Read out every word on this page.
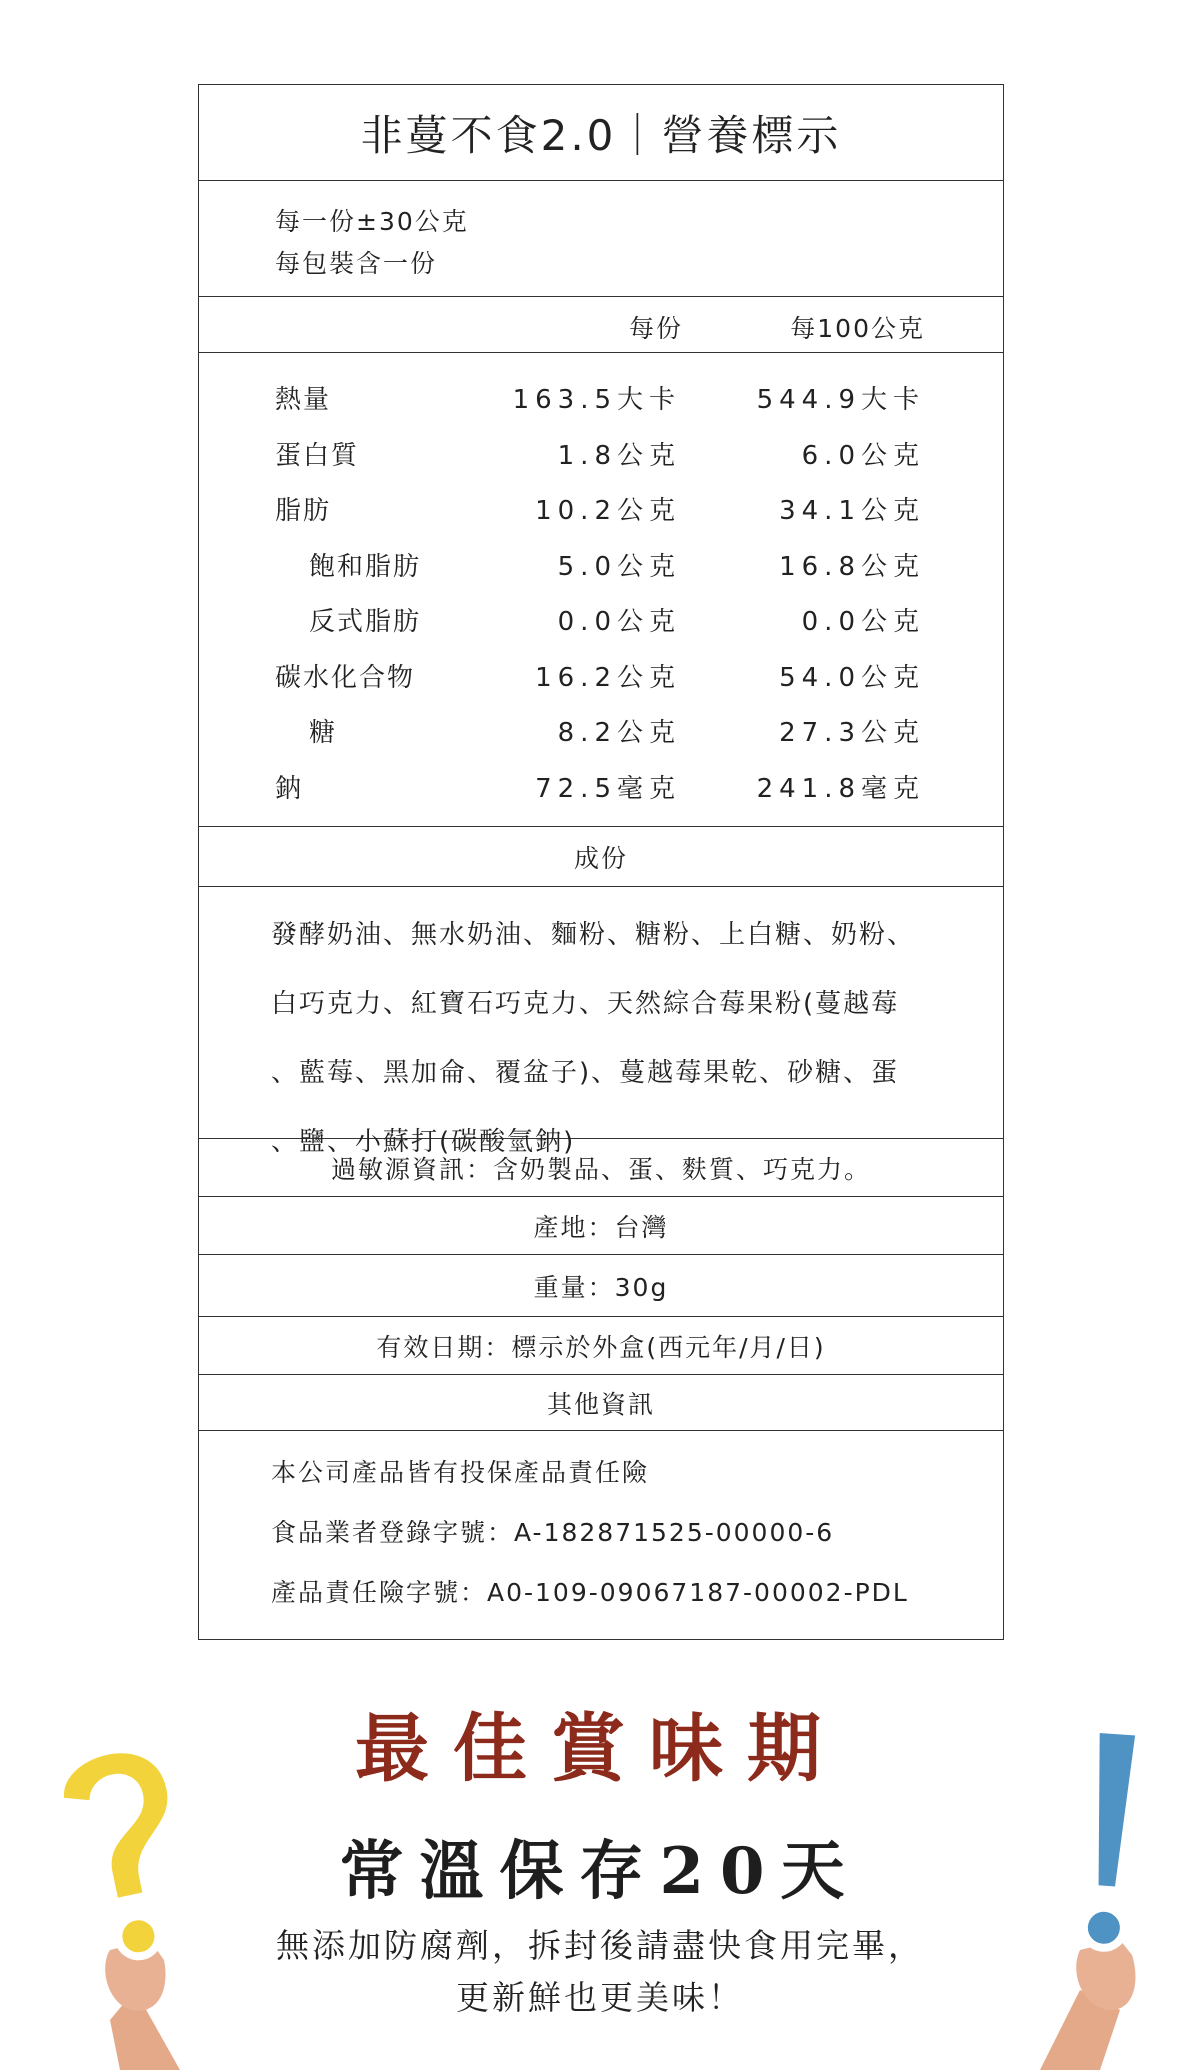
非蔓不食2.0｜營養標示
每一份±30公克
每包裝含一份
每份	每100公克
熱量	163.5大卡	544.9大卡
蛋白質	1.8公克	6.0公克
脂肪	10.2公克	34.1公克
飽和脂肪	5.0公克	16.8公克
反式脂肪	0.0公克	0.0公克
碳水化合物	16.2公克	54.0公克
糖	8.2公克	27.3公克
鈉	72.5毫克	241.8毫克
成份
發酵奶油、無水奶油、麵粉、糖粉、上白糖、奶粉、
白巧克力、紅寶石巧克力、天然綜合莓果粉(蔓越莓
、藍莓、黑加侖、覆盆子)、蔓越莓果乾、砂糖、蛋
、鹽、小蘇打(碳酸氫鈉)
過敏源資訊：含奶製品、蛋、麩質、巧克力。
產地：台灣
重量：30g
有效日期：標示於外盒(西元年/月/日)
其他資訊
本公司產品皆有投保產品責任險
食品業者登錄字號：A-182871525-00000-6
產品責任險字號：A0-109-09067187-00002-PDL
最佳賞味期
常溫保存20天
無添加防腐劑，拆封後請盡快食用完畢，
更新鮮也更美味！
